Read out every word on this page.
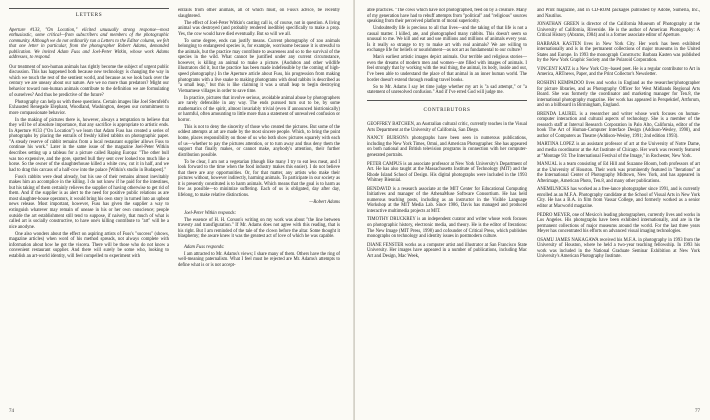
LETTERS

Aperture #133, "On Location," elicited unusually strong response—most enthusiastic, some critical—from subscribers and members of the photographic community. Although we do not ordinarily run a Letters to the Editor column, we felt that one letter in particular, from the photographer Robert Adams, demanded publication. We invited Adam Fuss and Joel-Peter Witkin, whose work Adams addresses, to respond.

Our treatment of non-human animals has rightly become the subject of urgent public discussion. This has happened both because new technology is changing the way in which we touch the rest of the sentient world, and because as we look back over the century we are uneasy about our nature. Are we no more than predators? Might our behavior toward non-human animals contribute to the definition we are formulating of ourselves? And thus be predictive of the future?

Photography can help us with these questions. Certain images like Joel Sternfeld's Exhausted Renegade Elephant, Woodland, Washington, deepen our commitment to more compassionate behavior.

In the making of pictures there is, however, always a temptation to believe that they will be of absolute importance, that any sacrifice is appropriate to artistic ends. In Aperture #133 ("On Location") we learn that Adam Fuss has created a series of photographs by placing the entrails of freshly killed rabbits on photographic paper. "A steady reserve of rabbit remains from a local restaurant supplier allows Fuss to continue his work." Later in the same issue of the magazine Joel-Peter Witkin describes setting up a tableau for a picture called Raping Europa: "The other bull was too expensive, and the gore, spotted bull they sent over looked too much like a horse. So the owner of the slaughterhouse killed a white cow, cut it in half, and we had to drag this carcass of a half-cow into the palace [Witkin's studio in Budapest]."

Fuss's rabbits were dead already, but his use of their remains almost inevitably makes him an accomplice in the killing. I do not know if he paid for the intestines, but his taking of them certainly relieves the supplier of having otherwise to get rid of them. And if the supplier is as alert to the need for positive public relations as are most slaughter-house operators, it would bring his own story in turned into an upbeat news release. Most important, however, Fuss has given the supplier a way to extinguish whatever may remain of unease in his or her own conscience; people outside the art establishment still tend to suppose, if naively, that much of what is called art is socially constructive, to have one's killing contribute to "art" will be a nice anodyne.

One also wonders about the effect on aspiring artists of Fuss's "success" (shows, magazine articles) when word of his method spreads, not always complete with information about how he got the viscera. There will be those who do not know a convenient restaurant supplier. And there will surely be some who, looking to establish an art-world identity, will feel compelled to experiment with

entrails from other animals, all of which must, on Fuss's advice, be recently slaughtered.

The effect of Joel-Peter Witkin's casting call is, of course, not in question. A living animal was destroyed (and probably rendered inedible) specifically to make a prop. Yes, the cow would have died eventually. But so will we all.

To some degree, ends can justify means. Current photography of zoo animals belonging to endangered species is, for example, worrisome because it is stressful to the animals, but the practice may contribute to awareness and so to the survival of the species in the wild. What cannot be justified under any current circumstance, however, is killing an animal to make a picture. (Audubon and other wildlife illustrators did it, but the practice has been made indefensible by the coming of high-speed photography.) In the Aperture article about Fuss, his progression from making photograms with a live snake to making photograms with dead rabbits is described as "a small leap," but this is like claiming it was a small leap to begin destroying Vietnamese villages in order to save time.

In practice, pictures that involve serious, avoidable animal abuse by photographers are rarely defensible in any way. The ends pursued turn out to be, by some mathematics of the spirit, almost invariably trivial (even if announced histrionically) or harmful, often amounting to little more than a statement of unresolved confusion or horror.

This is not to deny the sincerity of those who created the pictures. But some of the oddest attempts at art are made by the most sincere people. Which, to bring the point home, places responsibility on those of us who both show pictures squarely with each of us—whether to pay the pictures attention, or to turn away and thus deny them the support that finally makes, or cannot make, anybody's attention, their further distribution possible.

To be clear, I am not a vegetarian (though like many I try to eat less meat, and I look forward to the time when the food industry makes this easier). I do not believe that there are any opportunities. Or, for that matter, any artists who make their pictures without, however indirectly, harming animals. To participate in our society as it is presently constituted is to harm animals. Which means that the goal is to harm as few as possible—to minimize suffering. Each of us is obligated, day after day, lifelong, to make relative distinctions.

—Robert Adams

Joel-Peter Witkin responds:

The essence of H. H. Corson's writing on my work was about "the line between travesty and transfiguration." If Mr. Adams does not agree with this reading, that is his right. But I am reminded of the tale of the clown before the altar. Some thought it blasphemy; the aware knew it was the greatest act of love of which he was capable.

Adam Fuss responds:

I am attracted to Mr. Adams's views; I share many of them. Others have the ring of well-meaning paternalism. What I feel must be rejected are Mr. Adams's attempts to define what is or is not accept-

74

able practices. "The cows which have not photographed, feed on by a creature. Many of my generation have had to rebuff attempts from "political" and "religious" sources speaking from their perceived platform of moral superiority.

Undoubtedly life is precious to all that lives—and the taking of that life is not a casual matter. I killed, ate, and photographed many rabbits. This doesn't seem so unusual to me. We kill and eat and use millions and millions of animals every year. Is it really so strange to try to make art with real animals? We are willing to exchange life for beliefs or nourishment—as not art as fundamental to our culture?

Man's earliest artistic images depict animals. Our terrible and religious stories—even the dreams of modern men and women—are filled with images of animals. I feel strongly that by working with the real thing, the animal, its body, inside and out, I've been able to understand the place of that animal in an inner human world. The border doesn't extend through reading travel books.

So to Mr. Adams I say let time judge whether my art is "a sad attempt," or "a statement of unresolved confusion." And if I've erred God will judge me.

CONTRIBUTORS

GEOFFREY BATCHEN, an Australian cultural critic, currently teaches in the Visual Arts Department at the University of California, San Diego.

NANCY BURSON's photographs have been seen in numerous publications, including the New York Times, Omni, and American Photographer. She has appeared on both national and British television programs in connection with her computer-generated portraits.

PETER CAMPUS is an associate professor at New York University's Department of Art. He has also taught at the Massachusetts Institute of Technology (MIT) and the Rhode Island School of Design. His digital photographs were included in the 1993 Whitney Biennial.

BENDAVID is a research associate at the MIT Center for Educational Computing Initiatives and manager of the AthenaMuse Software Consortium. He has held numerous teaching posts, including as an instructor in the Visible Language Workshop at the MIT Media Lab. Since 1986, Davis has managed and produced interactive multimedia projects at MIT.

TIMOTHY DRUCKREY is an independent curator and writer whose work focuses on photographic history, electronic media, and theory. He is the editor of Iterations: The New Image (MIT Press, 1998) and cofounder of Critical Press, which publishes monographs on technology and identity issues in postmodern culture.

DIANE FENSTER works as a computer artist and illustrator at San Francisco State University. Her images have appeared in a number of publications, including Mac Art and Design, Mac Week,

and Print magazine, and in CD-ROM packages published by Adobe, Sumeria, Inc., and Nautilus.

JONATHAN GREEN is director of the California Museum of Photography at the University of California, Riverside. He is the author of American Photography: A Critical History (Abrams, 1984) and is a former associate editor of Aperture.

BARBARA KASTEN lives in New York City. Her work has been exhibited internationally and is in the permanent collections of major museums in the United States and Europe. In 1993 the monograph Constructs: Barbara Kasten was published by the New York Graphic Society and the Polaroid Corporation.

VINCENT KATZ is a New York City–based poet. He is a regular contributor to Art in America, ARTnews, Paper, and the Print Collector's Newsletter.

ROSHINI KEMPADOO lives and works in England as the researcher/photographer for picture libraries, and as Photography Officer for West Midlands Regional Arts Board. She was formerly the coordinator and marketing manager for Ten.8, the international photography magazine. Her work has appeared in Perspektief, Artforum, and on a billboard in Birmingham, England.

BRENDA LAUREL is a researcher and writer whose work focuses on human-computer interaction and cultural aspects of technology. She is a member of the research staff at Interval Research Corporation in Palo Alto, California, editor of the book The Art of Human-Computer Interface Design (Addison-Wesley, 1990), and author of Computers as Theatre (Addison-Wesley, 1991; 2nd edition 1993).

MARTINA LOPEZ is an assistant professor of art at the University of Notre Dame, and media coordinator at the Art Institute of Chicago. Her work was recently featured at "Montage 93: The International Festival of the Image," in Rochester, New York.

MANUAL is a team consisting of Ed Hill and Suzanne Bloom, both professors of art at the University of Houston. Their work was prominently featured in "Iterations" at the International Center of Photography Midtown, New York, and has appeared in Afterimage, American Photo, Ten.8, and many other publications.

ANEMILNICKS has worked as a free-lance photographer since 1991, and is currently enrolled as an M.F.A. Photography candidate at the School of Visual Arts in New York City. He has a B.A. in film from Vassar College, and formerly worked as a senior editor at Macworld magazine.

PEDRO MEYER, one of Mexico's leading photographers, currently lives and works in Los Angeles. His photographs have been exhibited internationally, and are in the permanent collections of major museums around the world. For the last three years Meyer has concentrated his efforts on advanced visual imaging technologies.

OSAMU JAMES NAKAGAWA received his M.F.A. in photography in 1993 from the University of Houston, where he held a two-year teaching fellowship. In 1993 his work was included in the National Graduate Seminar Exhibition at New York University's American Photography Institute.

77
